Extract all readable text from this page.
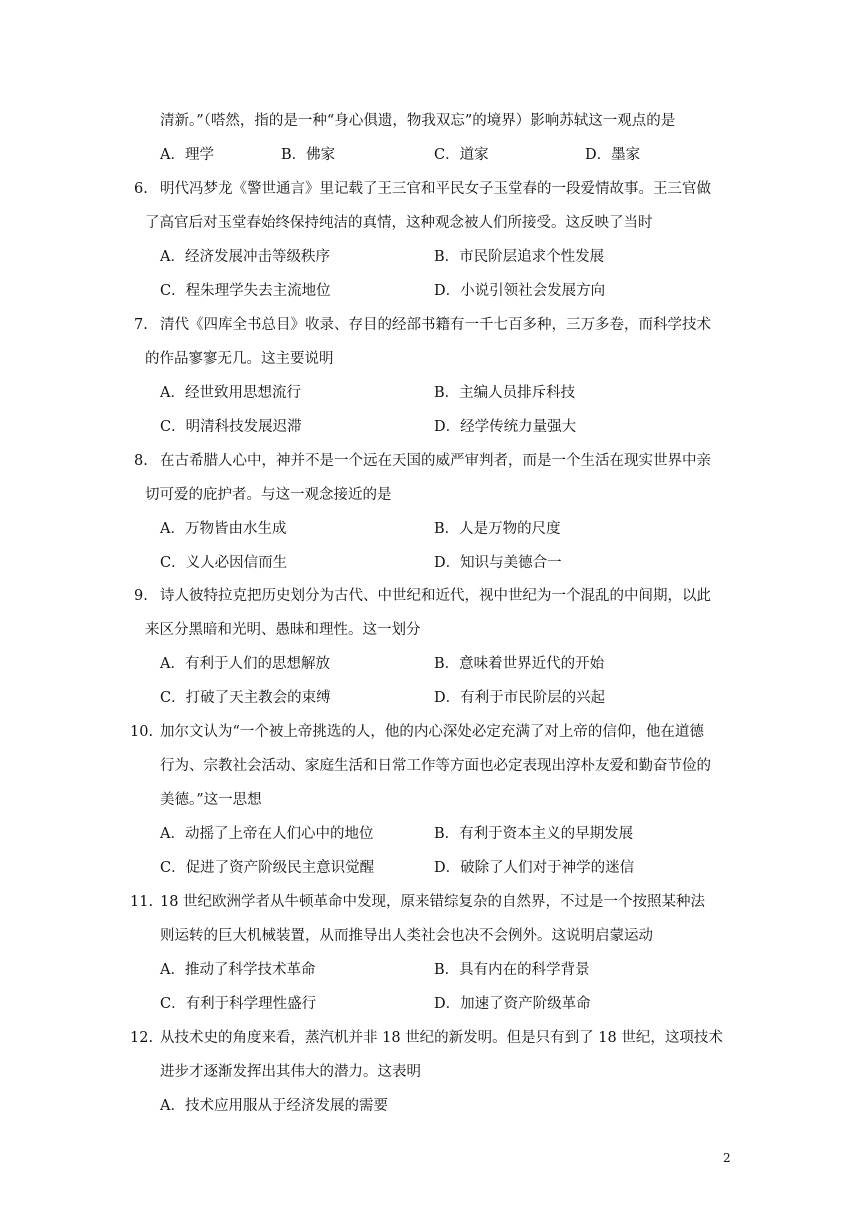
清新。”（嗒然，指的是一种“身心俱遗，物我双忘”的境界）影响苏轼这一观点的是
A．理学	B．佛家	C．道家	D．墨家
6. 明代冯梦龙《警世通言》里记载了王三官和平民女子玉堂春的一段爱情故事。王三官做
了高官后对玉堂春始终保持纯洁的真情，这种观念被人们所接受。这反映了当时
A．经济发展冲击等级秩序	B．市民阶层追求个性发展
C．程朱理学失去主流地位	D．小说引领社会发展方向
7. 清代《四库全书总目》收录、存目的经部书籍有一千七百多种，三万多卷，而科学技术
的作品寥寥无几。这主要说明
A．经世致用思想流行	B．主编人员排斥科技
C．明清科技发展迟滞	D．经学传统力量强大
8. 在古希腊人心中，神并不是一个远在天国的威严审判者，而是一个生活在现实世界中亲
切可爱的庇护者。与这一观念接近的是
A．万物皆由水生成	B．人是万物的尺度
C．义人必因信而生	D．知识与美德合一
9. 诗人彼特拉克把历史划分为古代、中世纪和近代，视中世纪为一个混乱的中间期，以此
来区分黑暗和光明、愚昧和理性。这一划分
A．有利于人们的思想解放	B．意味着世界近代的开始
C．打破了天主教会的束缚	D．有利于市民阶层的兴起
10. 加尔文认为“一个被上帝挑选的人，他的内心深处必定充满了对上帝的信仰，他在道德
行为、宗教社会活动、家庭生活和日常工作等方面也必定表现出淳朴友爱和勤奋节俭的
美德。”这一思想
A．动摇了上帝在人们心中的地位	B．有利于资本主义的早期发展
C．促进了资产阶级民主意识觉醒	D．破除了人们对于神学的迷信
11. 18 世纪欧洲学者从牛顿革命中发现，原来错综复杂的自然界，不过是一个按照某种法
则运转的巨大机械装置，从而推导出人类社会也决不会例外。这说明启蒙运动
A．推动了科学技术革命	B．具有内在的科学背景
C．有利于科学理性盛行	D．加速了资产阶级革命
12. 从技术史的角度来看，蒸汽机并非 18 世纪的新发明。但是只有到了 18 世纪，这项技术
进步才逐渐发挥出其伟大的潜力。这表明
A．技术应用服从于经济发展的需要
2
